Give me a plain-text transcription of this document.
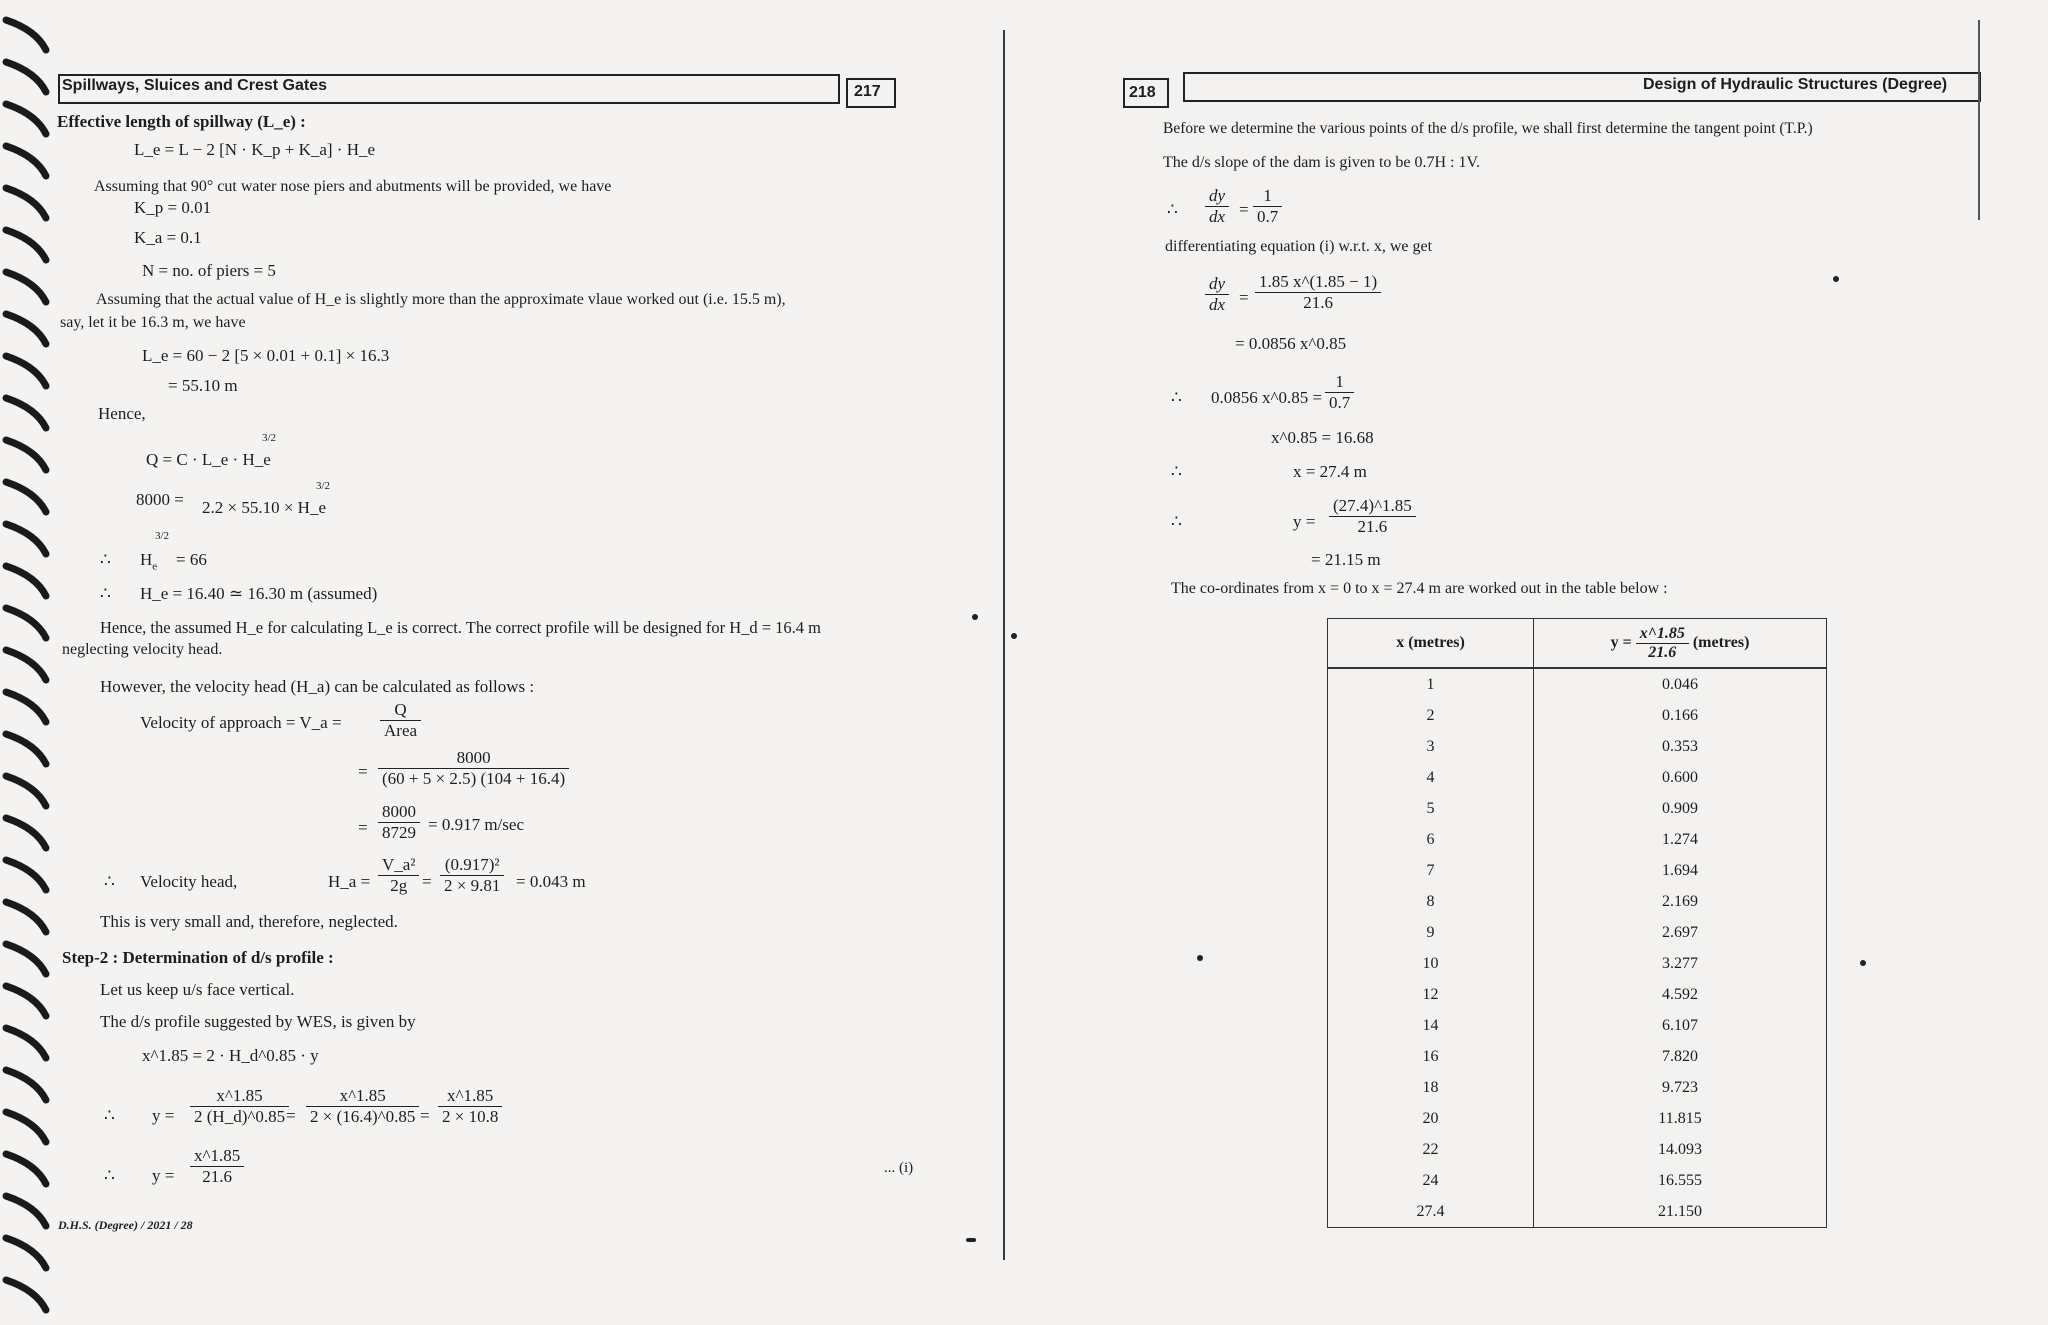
Spillways, Sluices and Crest Gates	217
Effective length of spillway (L_e) :
L_e = L − 2 [N · K_p + K_a] · H_e
Assuming that 90° cut water nose piers and abutments will be provided, we have
K_p = 0.01
K_a = 0.1
N = no. of piers = 5
Assuming that the actual value of H_e is slightly more than the approximate vlaue worked out (i.e. 15.5 m),
say, let it be 16.3 m, we have
L_e = 60 − 2 [5 × 0.01 + 0.1] × 16.3
= 55.10 m
Hence,
Q = C · L_e · H_e
3/2
8000 = 2.2 × 55.10 × H_e
3/2
∴ $H_e$
3/2
= 66
∴ H_e = 16.40 ≃ 16.30 m (assumed)
Hence, the assumed H_e for calculating L_e is correct. The correct profile will be designed for H_d = 16.4 m
neglecting velocity head.
However, the velocity head (H_a) can be calculated as follows :
Velocity of approach = V_a = $\frac{Q}{\text{Area}}$
= $\frac{8000}{(60 + 5 \times 2.5) (104 + 16.4)}$
= $\frac{8000}{8729} = 0.917$ m/sec
∴ Velocity head,	H_a = $\frac{\text{V\_a²}}{2g} = \frac{\text{(0.917)²}}{2 \times 9.81} = 0.043$ m
This is very small and, therefore, neglected.
Step-2 : Determination of d/s profile :
Let us keep u/s face vertical.
The d/s profile suggested by WES, is given by
x^1.85 = 2 · H_d^0.85 · y
∴ $y = \frac{x\^{}1.85}{2 (H\_d)\^{}0.85}$
= $\frac{x\^{}1.85}{2 \times (16.4)\^{}0.85} = \frac{x\^{}1.85}{2 \times 10.8}$
∴ $y = \frac{x\^{}1.85}{21.6}$	... (i)
D.H.S. (Degree) / 2021 / 28
218	Design of Hydraulic Structures (Degree)
Before we determine the various points of the d/s profile, we shall first determine the tangent point (T.P.)
The d/s slope of the dam is given to be 0.7H : 1V.
∴ $\frac{dy}{dx} = \frac{1}{0.7}$
differentiating equation (i) w.r.t. x, we get
$\frac{dy}{dx} = \frac{1.85 x\^{}(1.85 - 1)}{21.6}$
= 0.0856 x^0.85
∴ 0.0856 x^0.85 = $\frac{1}{0.7}$
x^0.85 = 16.68
∴	x = 27.4 m
∴	$y = \frac{(27.4)\^{}1.85}{21.6}$
= 21.15 m
The co-ordinates from x = 0 to x = 27.4 m are worked out in the table below :
x (metres)	$y = \frac{x\^{}1.85}{21.6}$ (metres)
1	0.046
2	0.166
3	0.353
4	0.600
5	0.909
6	1.274
7	1.694
8	2.169
9	2.697
10	3.277
12	4.592
14	6.107
16	7.820
18	9.723
20	11.815
22	14.093
24	16.555
27.4	21.150
